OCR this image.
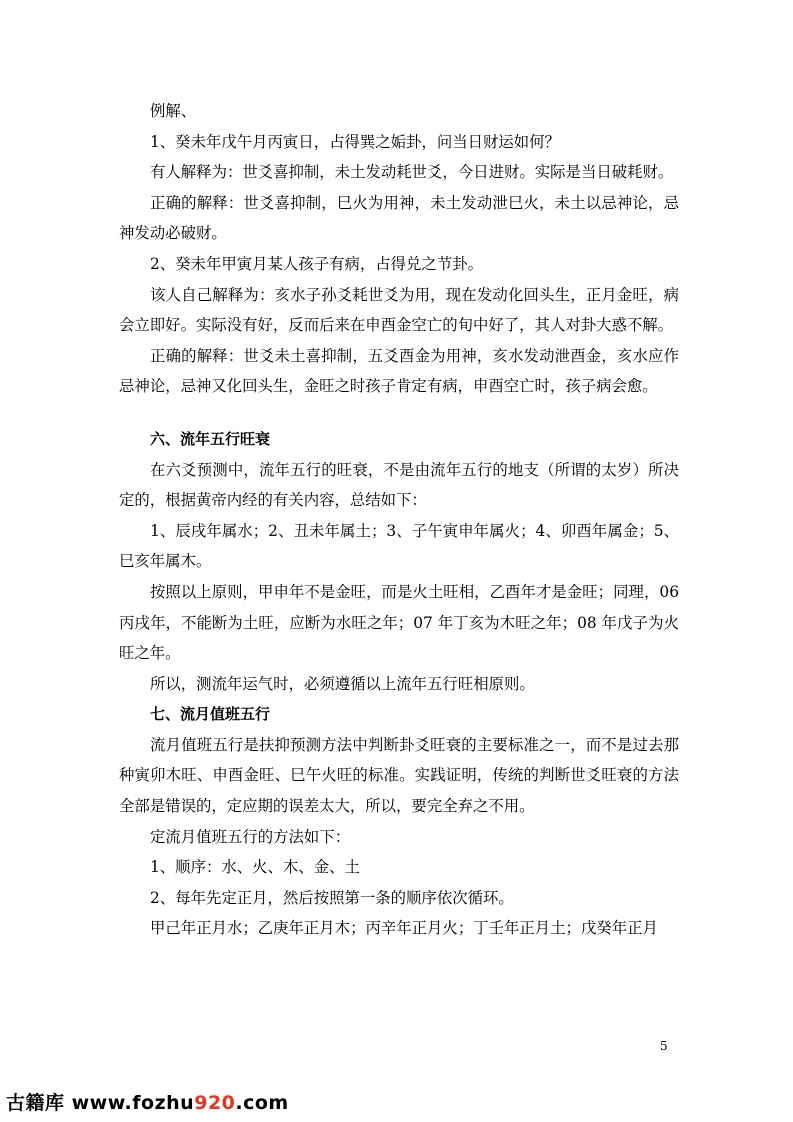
例解、

1、癸未年戊午月丙寅日，占得巽之姤卦，问当日财运如何？

有人解释为：世爻喜抑制，未土发动耗世爻，今日进财。实际是当日破耗财。

正确的解释：世爻喜抑制，巳火为用神，未土发动泄巳火，未土以忌神论，忌神发动必破财。

2、癸未年甲寅月某人孩子有病，占得兑之节卦。

该人自己解释为：亥水子孙爻耗世爻为用，现在发动化回头生，正月金旺，病会立即好。实际没有好，反而后来在申酉金空亡的旬中好了，其人对卦大惑不解。

正确的解释：世爻未土喜抑制，五爻酉金为用神，亥水发动泄酉金，亥水应作忌神论，忌神又化回头生，金旺之时孩子肯定有病，申酉空亡时，孩子病会愈。

六、流年五行旺衰

在六爻预测中，流年五行的旺衰，不是由流年五行的地支（所谓的太岁）所决定的，根据黄帝内经的有关内容，总结如下：

1、辰戌年属水；2、丑未年属土；3、子午寅申年属火；4、卯酉年属金；5、巳亥年属木。

按照以上原则，甲申年不是金旺，而是火土旺相，乙酉年才是金旺；同理，06 丙戌年，不能断为土旺，应断为水旺之年；07 年丁亥为木旺之年；08 年戊子为火旺之年。

所以，测流年运气时，必须遵循以上流年五行旺相原则。

七、流月值班五行

流月值班五行是扶抑预测方法中判断卦爻旺衰的主要标准之一，而不是过去那种寅卯木旺、申酉金旺、巳午火旺的标准。实践证明，传统的判断世爻旺衰的方法全部是错误的，定应期的误差太大，所以，要完全弃之不用。

定流月值班五行的方法如下：

1、顺序：水、火、木、金、土

2、每年先定正月，然后按照第一条的顺序依次循环。

甲己年正月水；乙庚年正月木；丙辛年正月火；丁壬年正月土；戊癸年正月

5
古籍库 www.fozhu920.com
